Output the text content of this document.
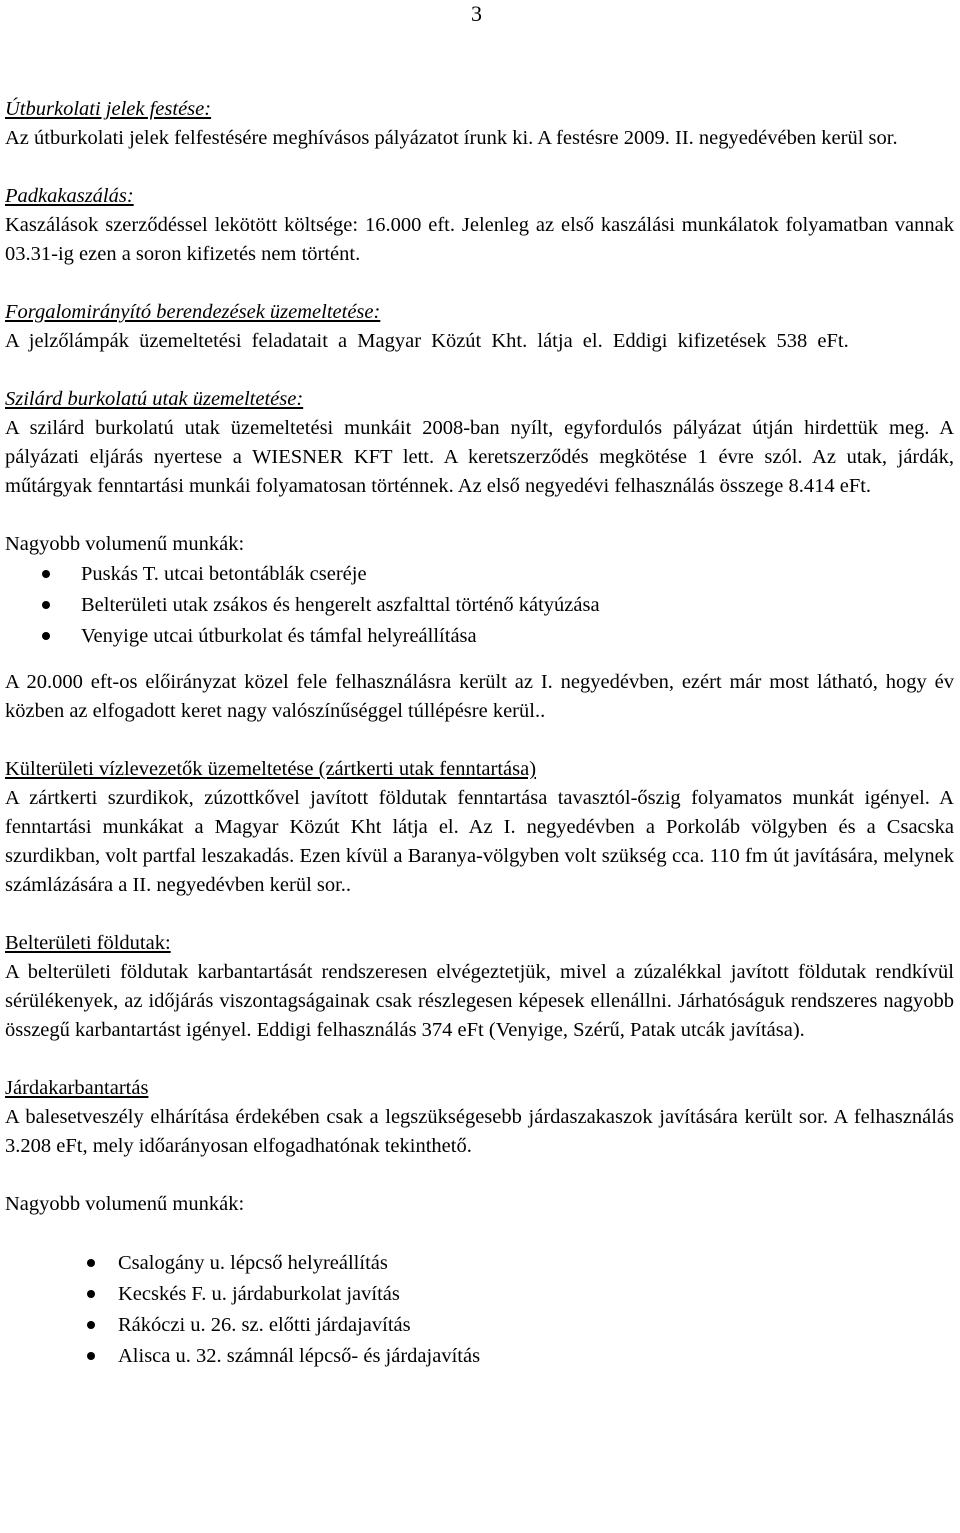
3
Útburkolati jelek festése:

Az útburkolati jelek felfestésére meghívásos pályázatot írunk ki. A festésre 2009. II. negyedévében kerül sor.

Padkakaszálás:

Kaszálások szerződéssel lekötött költsége: 16.000 eft. Jelenleg az első kaszálási munkálatok folyamatban vannak 03.31-ig ezen a soron kifizetés nem történt.

Forgalomirányító berendezések üzemeltetése:

A jelzőlámpák üzemeltetési feladatait a Magyar Közút Kht. látja el. Eddigi kifizetések 538 eFt.

Szilárd burkolatú utak üzemeltetése:

A szilárd burkolatú utak üzemeltetési munkáit 2008-ban nyílt, egyfordulós pályázat útján hirdettük meg. A pályázati eljárás nyertese a WIESNER KFT lett. A keretszerződés megkötése 1 évre szól. Az utak, járdák, műtárgyak fenntartási munkái folyamatosan történnek. Az első negyedévi felhasználás összege 8.414 eFt.

Nagyobb volumenű munkák:
Puskás T. utcai betontáblák cseréje
Belterületi utak zsákos és hengerelt aszfalttal történő kátyúzása
Venyige utcai útburkolat és támfal helyreállítása

A 20.000 eft-os előirányzat közel fele felhasználásra került az I. negyedévben, ezért már most látható, hogy év közben az elfogadott keret nagy valószínűséggel túllépésre kerül..

Külterületi vízlevezetők üzemeltetése (zártkerti utak fenntartása)

A zártkerti szurdikok, zúzottkővel javított földutak fenntartása tavasztól-őszig folyamatos munkát igényel. A fenntartási munkákat a Magyar Közút Kht látja el. Az I. negyedévben a Porkoláb völgyben és a Csacska szurdikban, volt partfal leszakadás. Ezen kívül a Baranya-völgyben volt szükség cca. 110 fm út javítására, melynek számlázására a II. negyedévben kerül sor..

Belterületi földutak:

A belterületi földutak karbantartását rendszeresen elvégeztetjük, mivel a zúzalékkal javított földutak rendkívül sérülékenyek, az időjárás viszontagságainak csak részlegesen képesek ellenállni. Járhatóságuk rendszeres nagyobb összegű karbantartást igényel. Eddigi felhasználás 374 eFt (Venyige, Szérű, Patak utcák javítása).

Járdakarbantartás

A balesetveszély elhárítása érdekében csak a legszükségesebb járdaszakaszok javítására került sor. A felhasználás 3.208 eFt, mely időarányosan elfogadhatónak tekinthető.

Nagyobb volumenű munkák:
Csalogány u. lépcső helyreállítás
Kecskés F. u. járdaburkolat javítás
Rákóczi u. 26. sz. előtti járdajavítás
Alisca u. 32. számnál lépcső- és járdajavítás
